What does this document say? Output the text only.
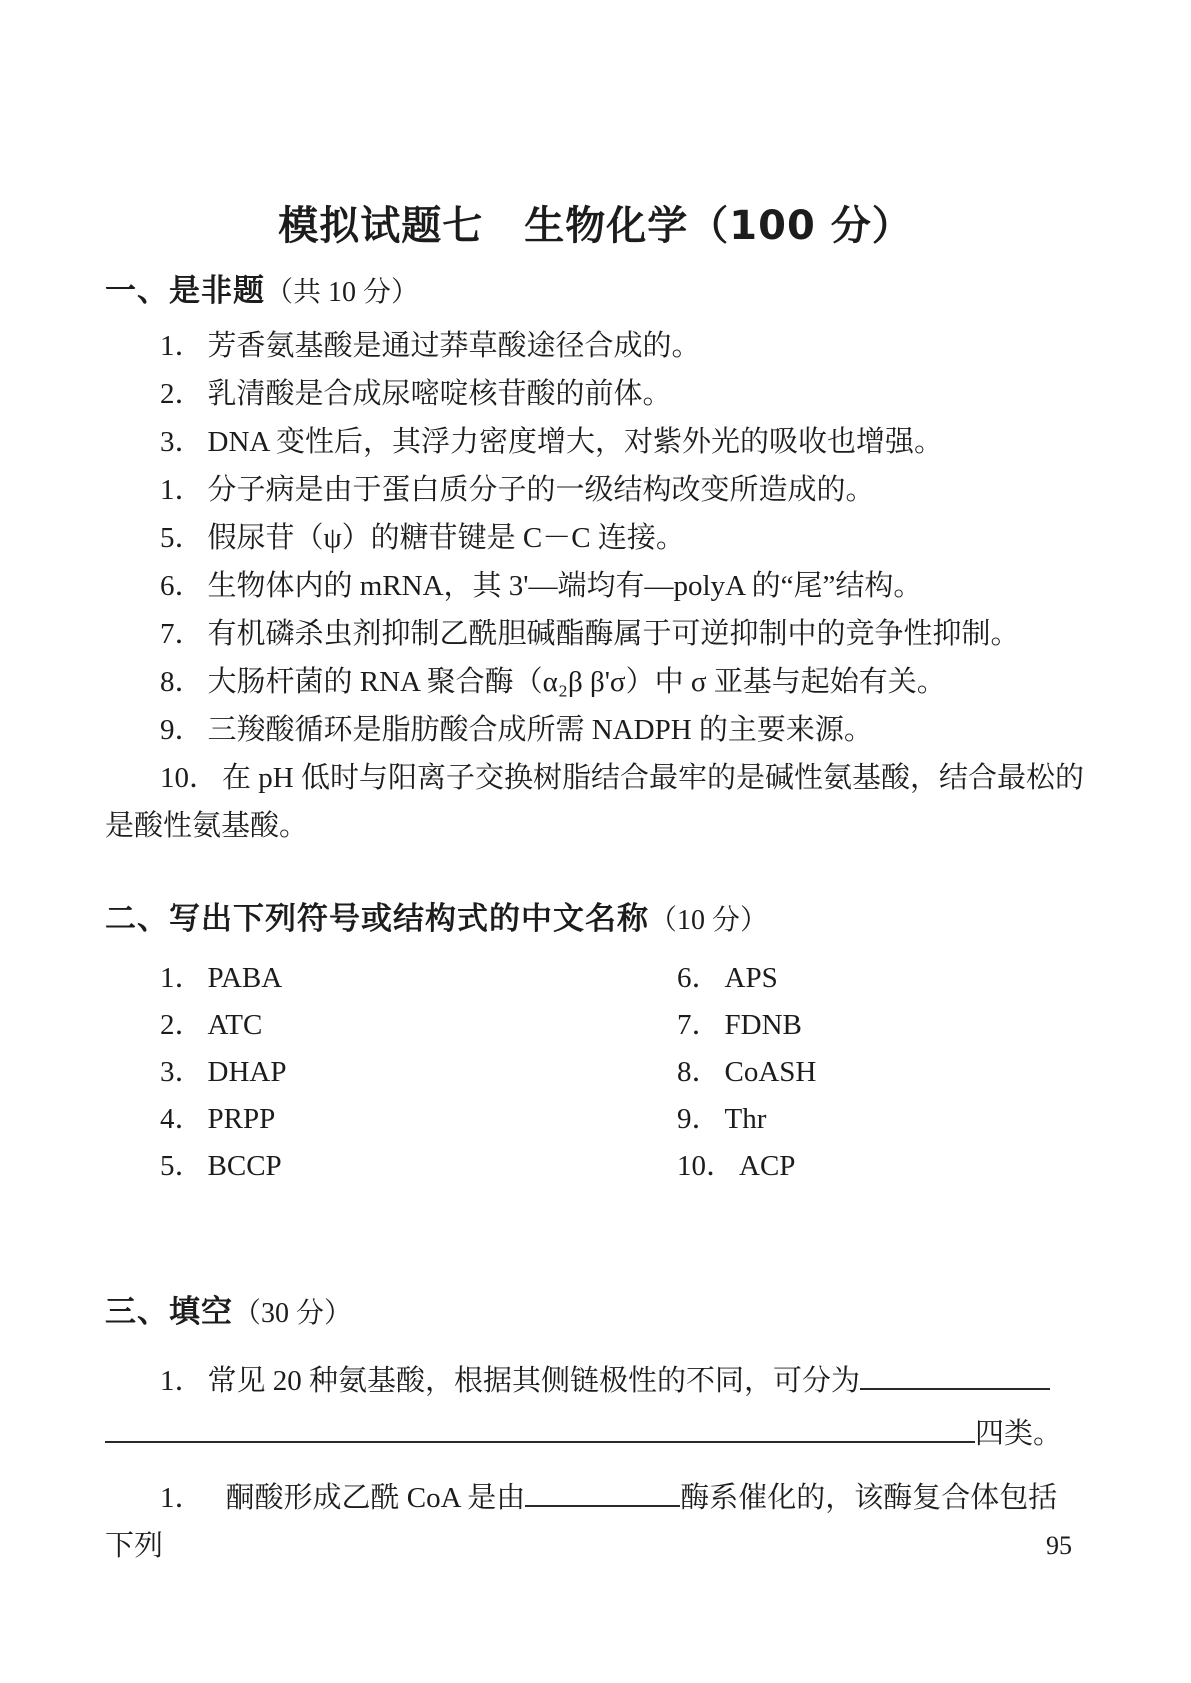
模拟试题七　生物化学（100 分）
一、是非题（共 10 分）

1． 芳香氨基酸是通过莽草酸途径合成的。

2． 乳清酸是合成尿嘧啶核苷酸的前体。

3． DNA 变性后，其浮力密度增大，对紫外光的吸收也增强。

1． 分子病是由于蛋白质分子的一级结构改变所造成的。

5． 假尿苷（ψ）的糖苷键是 C－C 连接。

6． 生物体内的 mRNA，其 3'—端均有—polyA 的“尾”结构。

7． 有机磷杀虫剂抑制乙酰胆碱酯酶属于可逆抑制中的竞争性抑制。

8． 大肠杆菌的 RNA 聚合酶（α₂β β'σ）中 σ 亚基与起始有关。

9． 三羧酸循环是脂肪酸合成所需 NADPH 的主要来源。

10． 在 pH 低时与阳离子交换树脂结合最牢的是碱性氨基酸，结合最松的是酸性氨基酸。

二、写出下列符号或结构式的中文名称（10 分）
1． PABA	6． APS
2． ATC	7． FDNB
3． DHAP	8． CoASH
4． PRPP	9． Thr
5． BCCP	10． ACP
三、填空（30 分）

1． 常见 20 种氨基酸，根据其侧链极性的不同，可分为

四类。

1． 酮酸形成乙酰 CoA 是由	酶系催化的，该酶复合体包括下列	95
